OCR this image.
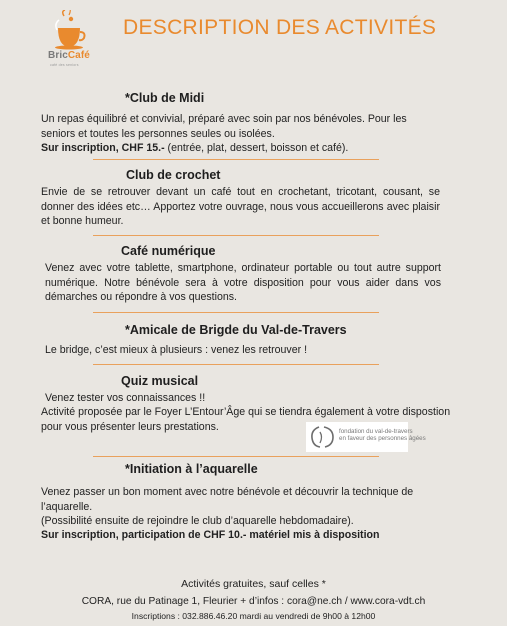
BricCafé
café des seniors
DESCRIPTION DES ACTIVITÉS
*Club de Midi
Un repas équilibré et convivial, préparé avec soin par nos bénévoles. Pour les seniors et toutes les personnes seules ou isolées.
Sur inscription, CHF 15.- (entrée, plat, dessert, boisson et café).
Club de crochet
Envie de se retrouver devant un café tout en crochetant, tricotant, cousant, se donner des idées etc… Apportez votre ouvrage, nous vous accueillerons avec plaisir et bonne humeur.
Café numérique
Venez avec votre tablette, smartphone, ordinateur portable ou tout autre support numérique. Notre bénévole sera à votre disposition pour vous aider dans vos démarches ou répondre à vos questions.
*Amicale de Brigde du Val-de-Travers
Le bridge, c’est mieux à plusieurs : venez les retrouver !
Quiz musical
Venez tester vos connaissances !!
Activité proposée par le Foyer L’Entour’Âge qui se tiendra également à votre dispostion pour vous présenter leurs prestations.	fondation du val-de-travers
en faveur des personnes âgées
*Initiation à l’aquarelle
Venez passer un bon moment avec notre bénévole et découvrir la technique de l’aquarelle.
(Possibilité ensuite de rejoindre le club d’aquarelle hebdomadaire).
Sur inscription, participation de CHF 10.- matériel mis à disposition
Activités gratuites, sauf celles *
CORA, rue du Patinage 1, Fleurier + d’infos : cora@ne.ch / www.cora-vdt.ch
Inscriptions : 032.886.46.20 mardi au vendredi de 9h00 à 12h00
